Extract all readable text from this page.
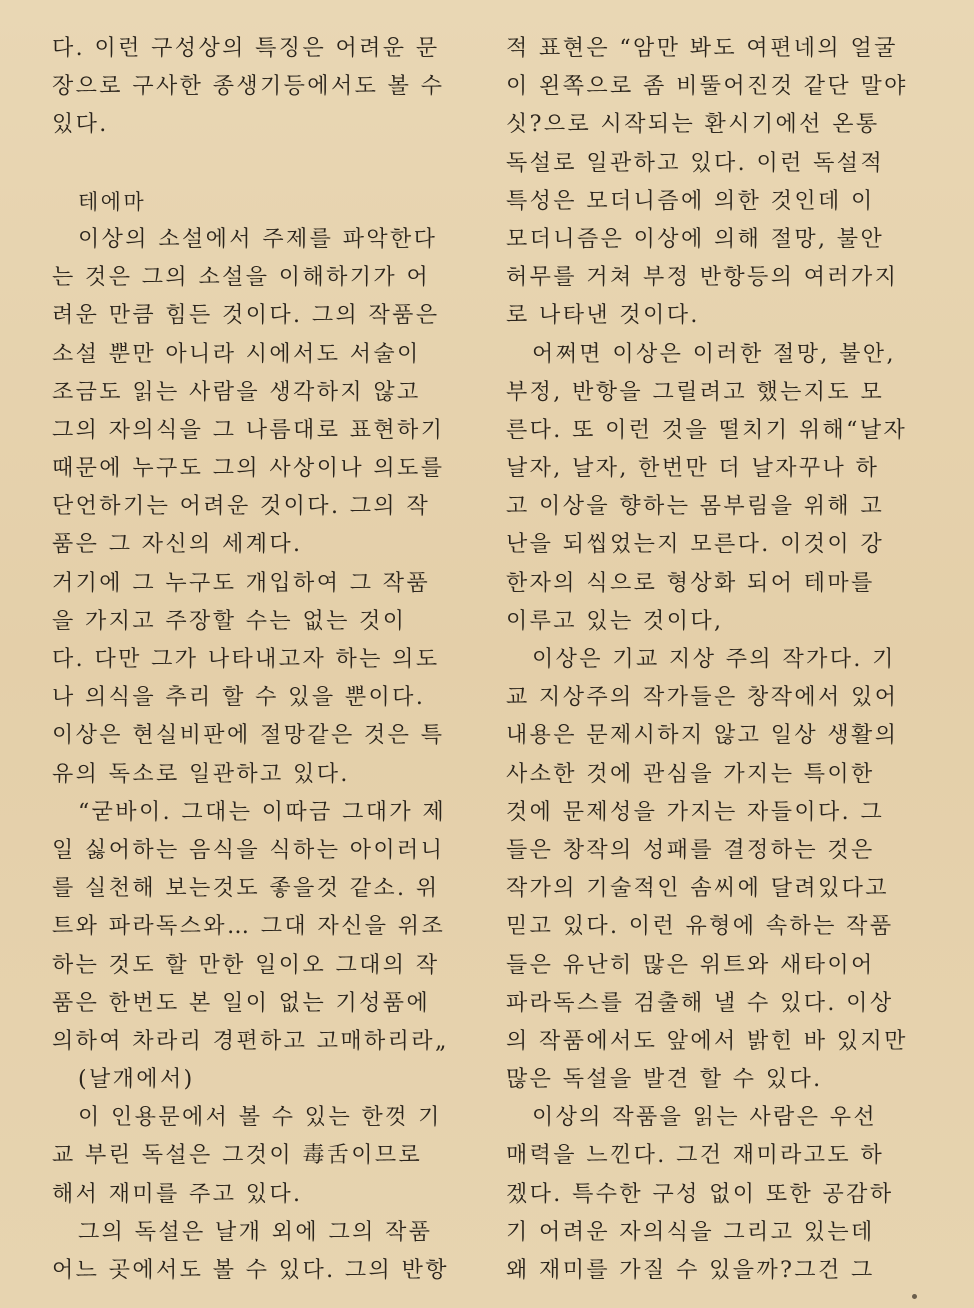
다. 이런 구성상의 특징은 어려운 문
장으로 구사한 종생기등에서도 볼 수
있다.
테에마
이상의 소설에서 주제를 파악한다
는 것은 그의 소설을 이해하기가 어
려운 만큼 힘든 것이다. 그의 작품은
소설 뿐만 아니라 시에서도 서술이
조금도 읽는 사람을 생각하지 않고
그의 자의식을 그 나름대로 표현하기
때문에 누구도 그의 사상이나 의도를
단언하기는 어려운 것이다. 그의 작
품은 그 자신의 세계다.
거기에 그 누구도 개입하여 그 작품
을 가지고 주장할 수는 없는 것이
다. 다만 그가 나타내고자 하는 의도
나 의식을 추리 할 수 있을 뿐이다.
이상은 현실비판에 절망같은 것은 특
유의 독소로 일관하고 있다.
“굳바이. 그대는 이따금 그대가 제
일 싫어하는 음식을 식하는 아이러니
를 실천해 보는것도 좋을것 같소. 위
트와 파라독스와… 그대 자신을 위조
하는 것도 할 만한 일이오 그대의 작
품은 한번도 본 일이 없는 기성품에
의하여 차라리 경편하고 고매하리라„
(날개에서)
이 인용문에서 볼 수 있는 한껏 기
교 부린 독설은 그것이 毒舌이므로
해서 재미를 주고 있다.
그의 독설은 날개 외에 그의 작품
어느 곳에서도 볼 수 있다. 그의 반항
적 표현은 “암만 봐도 여편네의 얼굴
이 왼쪽으로 좀 비뚤어진것 같단 말야
싯?으로 시작되는 환시기에선 온통
독설로 일관하고 있다. 이런 독설적
특성은 모더니즘에 의한 것인데 이
모더니즘은 이상에 의해 절망, 불안
허무를 거쳐 부정 반항등의 여러가지
로 나타낸 것이다.
어쩌면 이상은 이러한 절망, 불안,
부정, 반항을 그릴려고 했는지도 모
른다. 또 이런 것을 떨치기 위해“날자
날자, 날자, 한번만 더 날자꾸나 하
고 이상을 향하는 몸부림을 위해 고
난을 되씹었는지 모른다. 이것이 강
한자의 식으로 형상화 되어 테마를
이루고 있는 것이다,
이상은 기교 지상 주의 작가다. 기
교 지상주의 작가들은 창작에서 있어
내용은 문제시하지 않고 일상 생활의
사소한 것에 관심을 가지는 특이한
것에 문제성을 가지는 자들이다. 그
들은 창작의 성패를 결정하는 것은
작가의 기술적인 솜씨에 달려있다고
믿고 있다. 이런 유형에 속하는 작품
들은 유난히 많은 위트와 새타이어
파라독스를 검출해 낼 수 있다. 이상
의 작품에서도 앞에서 밝힌 바 있지만
많은 독설을 발견 할 수 있다.
이상의 작품을 읽는 사람은 우선
매력을 느낀다. 그건 재미라고도 하
겠다. 특수한 구성 없이 또한 공감하
기 어려운 자의식을 그리고 있는데
왜 재미를 가질 수 있을까?그건 그
